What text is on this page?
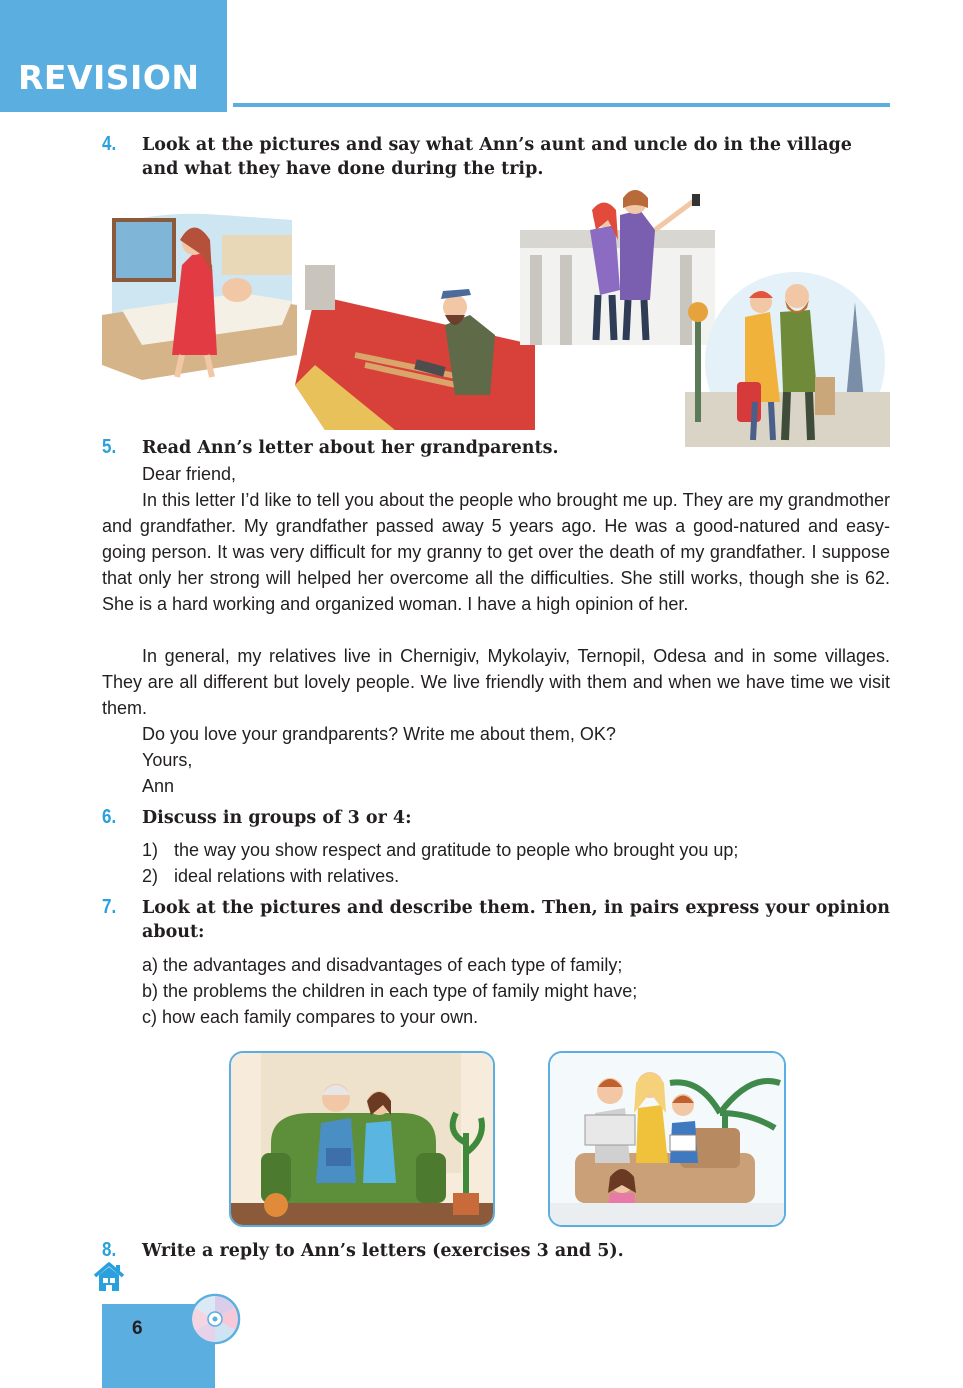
REVISION
4. Look at the pictures and say what Ann’s aunt and uncle do in the village and what they have done during the trip.
5. Read Ann’s letter about her grandparents.
Dear friend,
In this letter I’d like to tell you about the people who brought me up. They are my grandmother and grandfather. My grandfather passed away 5 years ago. He was a good-natured and easy-going person. It was very difficult for my granny to get over the death of my grandfather. I suppose that only her strong will helped her overcome all the difficulties. She still works, though she is 62. She is a hard working and organized woman. I have a high opinion of her.
In general, my relatives live in Chernigiv, Mykolayiv, Ternopil, Odesa and in some villages. They are all different but lovely people. We live friendly with them and when we have time we visit them.
Do you love your grandparents? Write me about them, OK?
Yours,
Ann
6. Discuss in groups of 3 or 4:
1) the way you show respect and gratitude to people who brought you up;
2) ideal relations with relatives.
7. Look at the pictures and describe them. Then, in pairs express your opinion about:
a) the advantages and disadvantages of each type of family;
b) the problems the children in each type of family might have;
c) how each family compares to your own.
8. Write a reply to Ann’s letters (exercises 3 and 5).
6
